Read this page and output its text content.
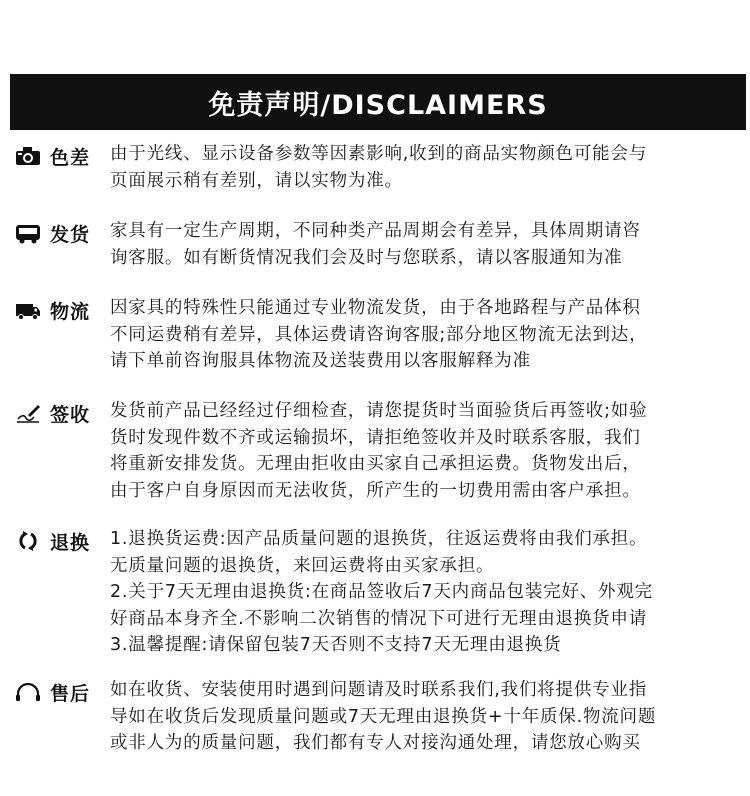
免责声明/DISCLAIMERS
色差 由于光线、显示设备参数等因素影响,收到的商品实物颜色可能会与
页面展示稍有差别，请以实物为准。
发货 家具有一定生产周期，不同种类产品周期会有差异，具体周期请咨
询客服。如有断货情况我们会及时与您联系，请以客服通知为准
物流 因家具的特殊性只能通过专业物流发货，由于各地路程与产品体积
不同运费稍有差异，具体运费请咨询客服;部分地区物流无法到达，
请下单前咨询服具体物流及送装费用以客服解释为准
签收 发货前产品已经经过仔细检查，请您提货时当面验货后再签收;如验
货时发现件数不齐或运输损坏，请拒绝签收并及时联系客服，我们
将重新安排发货。无理由拒收由买家自己承担运费。货物发出后，
由于客户自身原因而无法收货，所产生的一切费用需由客户承担。
退换 1.退换货运费:因产品质量问题的退换货，往返运费将由我们承担。
无质量问题的退换货，来回运费将由买家承担。
2.关于7天无理由退换货:在商品签收后7天内商品包装完好、外观完
好商品本身齐全.不影响二次销售的情况下可进行无理由退换货申请
3.温馨提醒:请保留包装7天否则不支持7天无理由退换货
售后 如在收货、安装使用时遇到问题请及时联系我们,我们将提供专业指
导如在收货后发现质量问题或7天无理由退换货+十年质保.物流问题
或非人为的质量问题，我们都有专人对接沟通处理，请您放心购买
